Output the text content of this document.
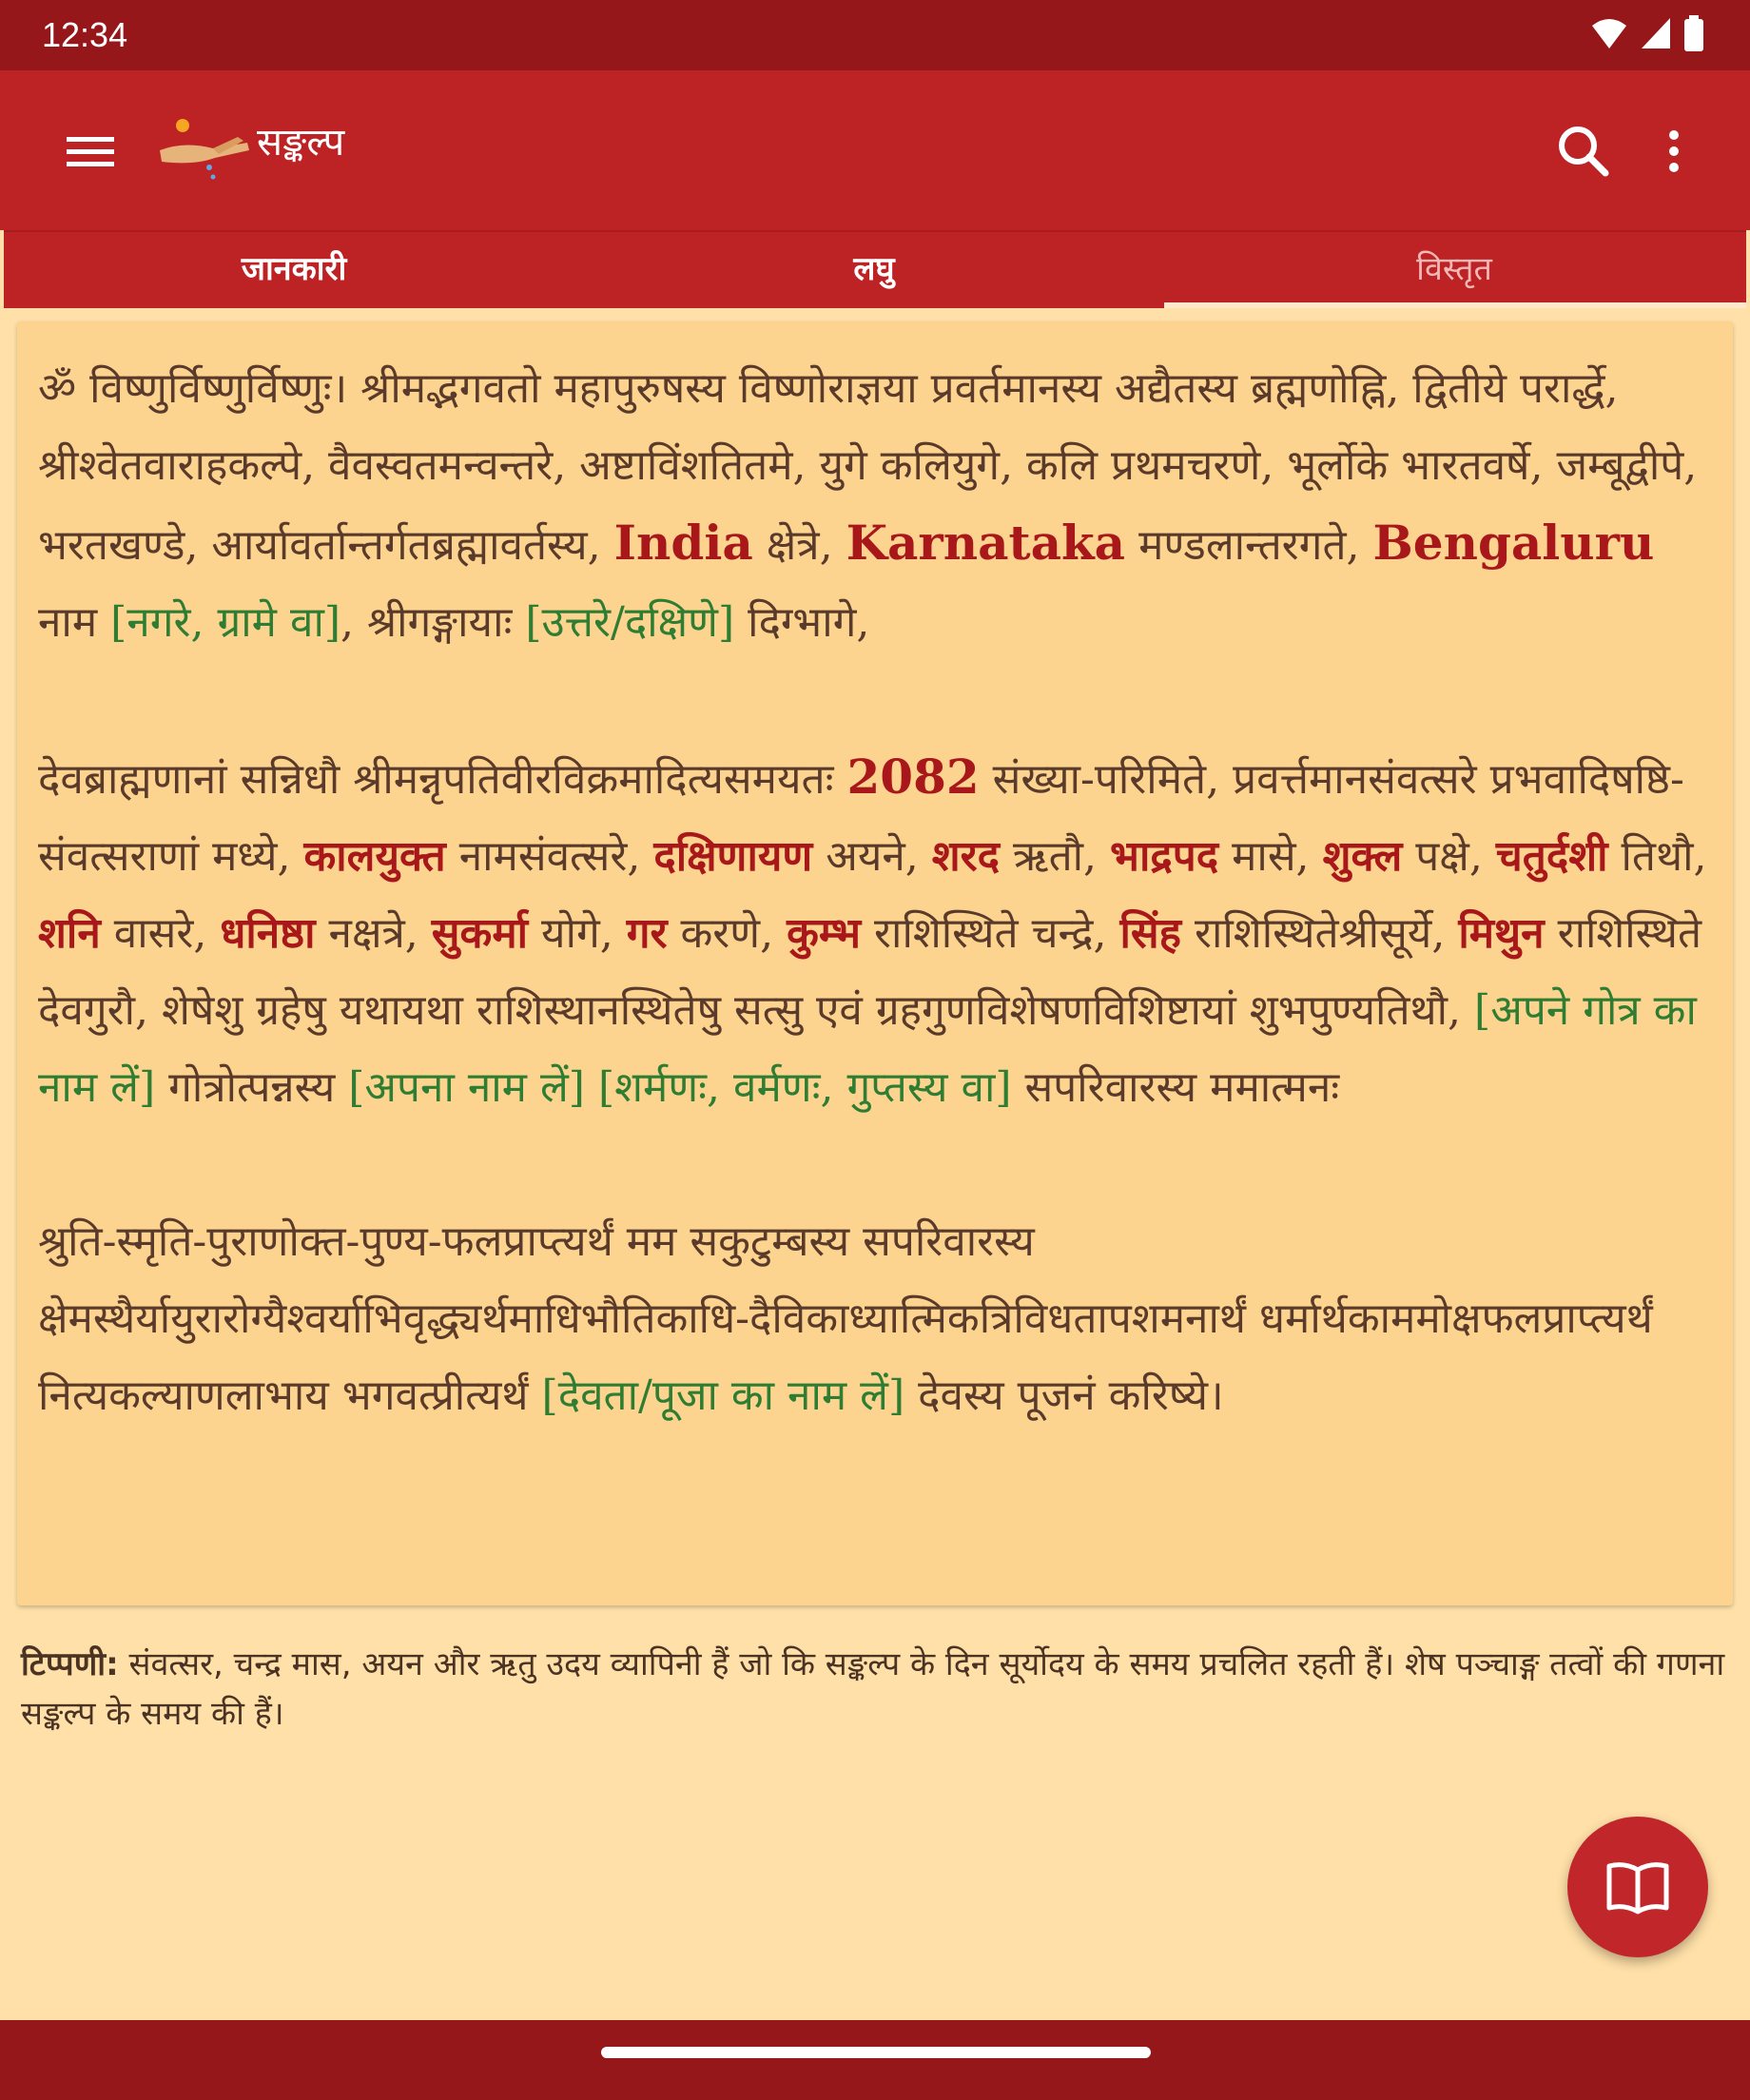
12:34
सङ्कल्प
जानकारी	लघु	विस्तृत

ॐ विष्णुर्विष्णुर्विष्णुः। श्रीमद्भगवतो महापुरुषस्य विष्णोराज्ञया प्रवर्तमानस्य अद्यैतस्य ब्रह्मणोह्नि, द्वितीये परार्द्धे, श्रीश्वेतवाराहकल्पे, वैवस्वतमन्वन्तरे, अष्टाविंशतितमे, युगे कलियुगे, कलि प्रथमचरणे, भूर्लोके भारतवर्षे, जम्बूद्वीपे, भरतखण्डे, आर्यावर्तान्तर्गतब्रह्मावर्तस्य, India क्षेत्रे, Karnataka मण्डलान्तरगते, Bengaluru नाम [नगरे, ग्रामे वा], श्रीगङ्गायाः [उत्तरे/दक्षिणे] दिग्भागे,

देवब्राह्मणानां सन्निधौ श्रीमन्नृपतिवीरविक्रमादित्यसमयतः 2082 संख्या-परिमिते, प्रवर्त्तमानसंवत्सरे प्रभवादिषष्ठि-संवत्सराणां मध्ये, कालयुक्त नामसंवत्सरे, दक्षिणायण अयने, शरद ऋतौ, भाद्रपद मासे, शुक्ल पक्षे, चतुर्दशी तिथौ, शनि वासरे, धनिष्ठा नक्षत्रे, सुकर्मा योगे, गर करणे, कुम्भ राशिस्थिते चन्द्रे, सिंह राशिस्थितेश्रीसूर्ये, मिथुन राशिस्थिते देवगुरौ, शेषेशु ग्रहेषु यथायथा राशिस्थानस्थितेषु सत्सु एवं ग्रहगुणविशेषणविशिष्टायां शुभपुण्यतिथौ, [अपने गोत्र का नाम लें] गोत्रोत्पन्नस्य [अपना नाम लें] [शर्मणः, वर्मणः, गुप्तस्य वा] सपरिवारस्य ममात्मनः

श्रुति-स्मृति-पुराणोक्त-पुण्य-फलप्राप्त्यर्थं मम सकुटुम्बस्य सपरिवारस्य क्षेमस्थैर्यायुरारोग्यैश्वर्याभिवृद्ध्यर्थमाधिभौतिकाधि-दैविकाध्यात्मिकत्रिविधतापशमनार्थं धर्मार्थकाममोक्षफलप्राप्त्यर्थं नित्यकल्याणलाभाय भगवत्प्रीत्यर्थं [देवता/पूजा का नाम लें] देवस्य पूजनं करिष्ये।

टिप्पणी: संवत्सर, चन्द्र मास, अयन और ऋतु उदय व्यापिनी हैं जो कि सङ्कल्प के दिन सूर्योदय के समय प्रचलित रहती हैं। शेष पञ्चाङ्ग तत्वों की गणना सङ्कल्प के समय की हैं।
